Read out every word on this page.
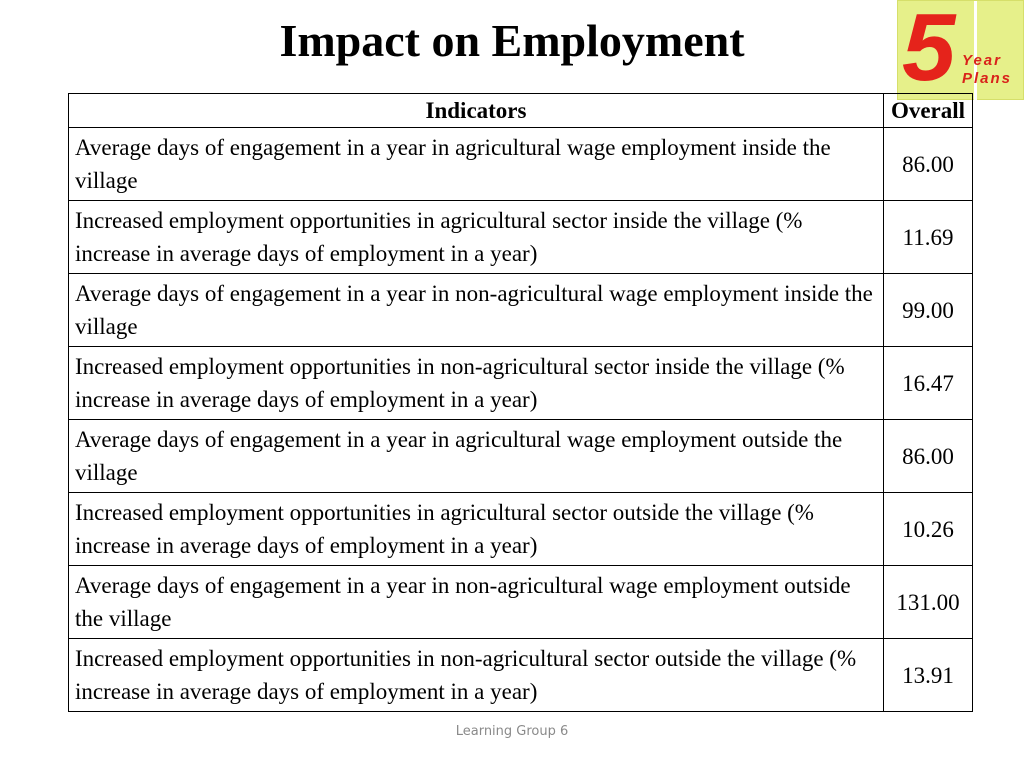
Impact on Employment	5 Year
Plans
Indicators	Overall
Average days of engagement in a year in agricultural wage employment inside the village	86.00
Increased employment opportunities in agricultural sector inside the village (% increase in average days of employment in a year)	11.69
Average days of engagement in a year in non-agricultural wage employment inside the village	99.00
Increased employment opportunities in non-agricultural sector inside the village (% increase in average days of employment in a year)	16.47
Average days of engagement in a year in agricultural wage employment outside the village	86.00
Increased employment opportunities in agricultural sector outside the village (% increase in average days of employment in a year)	10.26
Average days of engagement in a year in non-agricultural wage employment outside the village	131.00
Increased employment opportunities in non-agricultural sector outside the village (% increase in average days of employment in a year)	13.91
Learning Group 6
